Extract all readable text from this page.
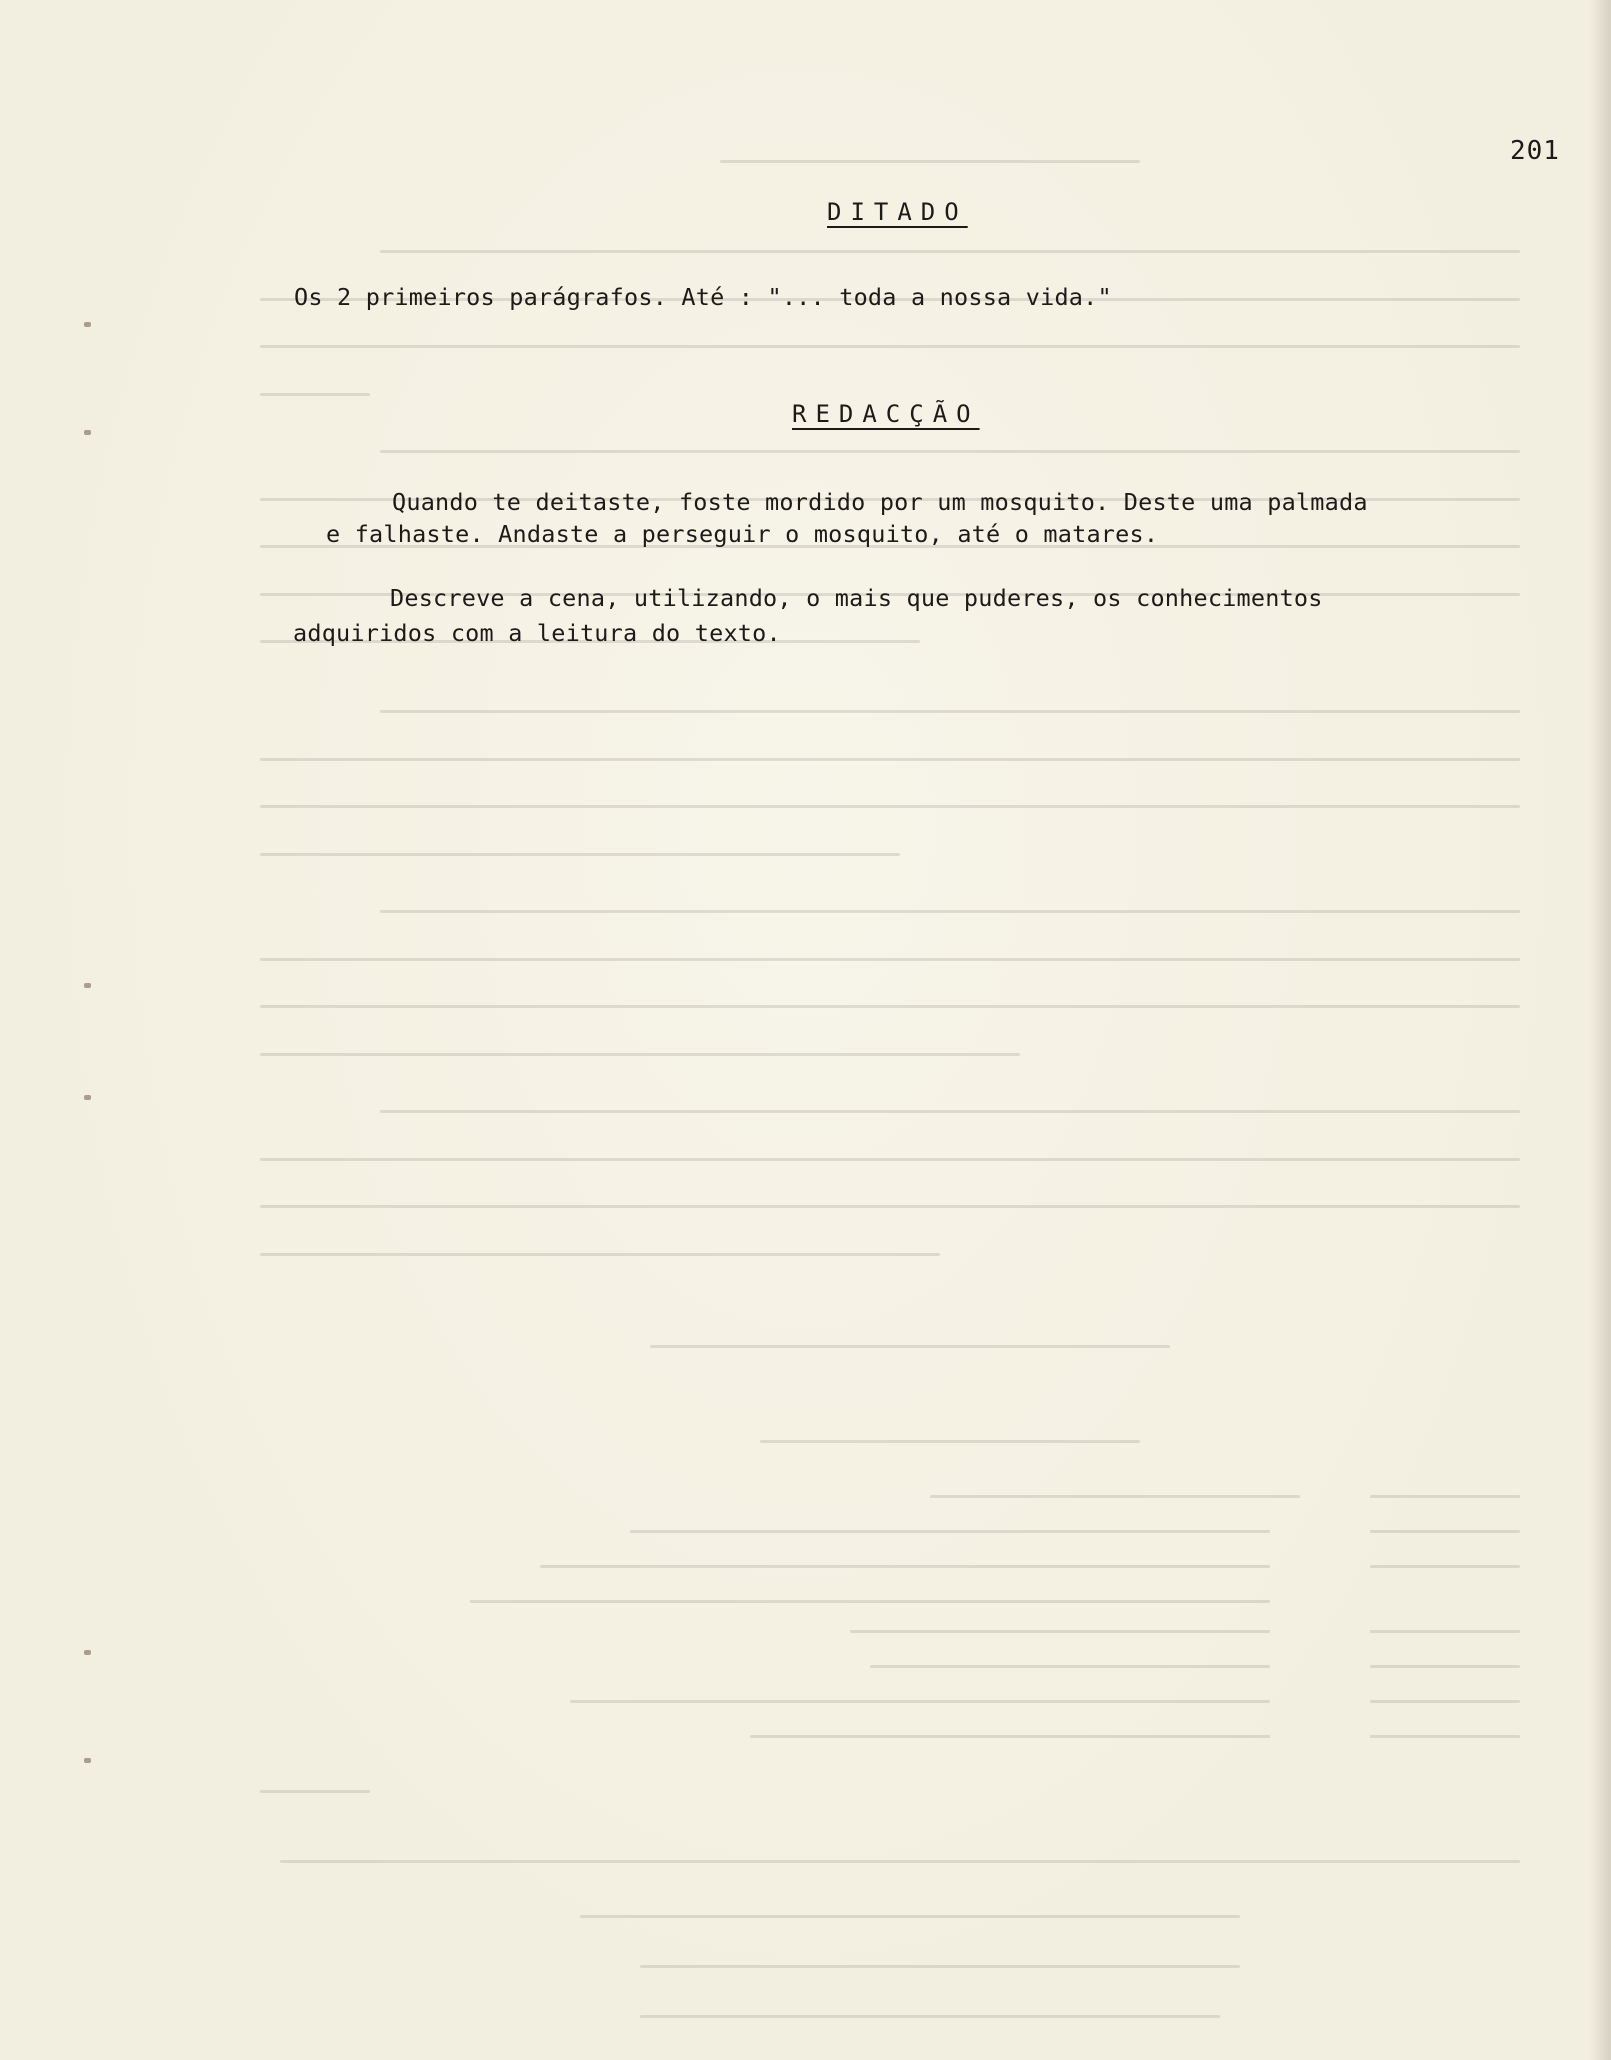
201
DITADO
Os 2 primeiros parágrafos. Até : "... toda a nossa vida."
REDACÇÃO
Quando te deitaste, foste mordido por um mosquito. Deste uma palmada
e falhaste. Andaste a perseguir o mosquito, até o matares.
Descreve a cena, utilizando, o mais que puderes, os conhecimentos
adquiridos com a leitura do texto.
